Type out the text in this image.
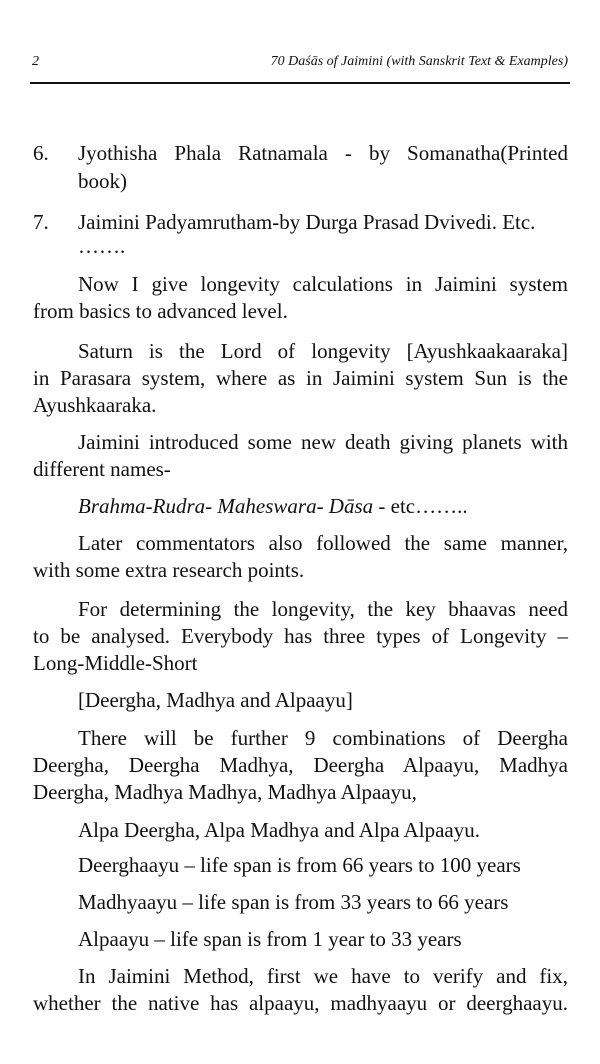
2	70 Daśās of Jaimini (with Sanskrit Text & Examples)
6. Jyothisha Phala Ratnamala - by Somanatha(Printed
book)
7. Jaimini Padyamrutham-by Durga Prasad Dvivedi. Etc.
…….
Now I give longevity calculations in Jaimini system
from basics to advanced level.
Saturn is the Lord of longevity [Ayushkaakaaraka]
in Parasara system, where as in Jaimini system Sun is the
Ayushkaaraka.
Jaimini introduced some new death giving planets with
different names-
Brahma-Rudra- Maheswara- Dāsa - etc……..
Later commentators also followed the same manner,
with some extra research points.
For determining the longevity, the key bhaavas need
to be analysed. Everybody has three types of Longevity –
Long-Middle-Short
[Deergha, Madhya and Alpaayu]
There will be further 9 combinations of Deergha
Deergha, Deergha Madhya, Deergha Alpaayu, Madhya
Deergha, Madhya Madhya, Madhya Alpaayu,
Alpa Deergha, Alpa Madhya and Alpa Alpaayu.
Deerghaayu – life span is from 66 years to 100 years
Madhyaayu – life span is from 33 years to 66 years
Alpaayu – life span is from 1 year to 33 years
In Jaimini Method, first we have to verify and fix,
whether the native has alpaayu, madhyaayu or deerghaayu.
